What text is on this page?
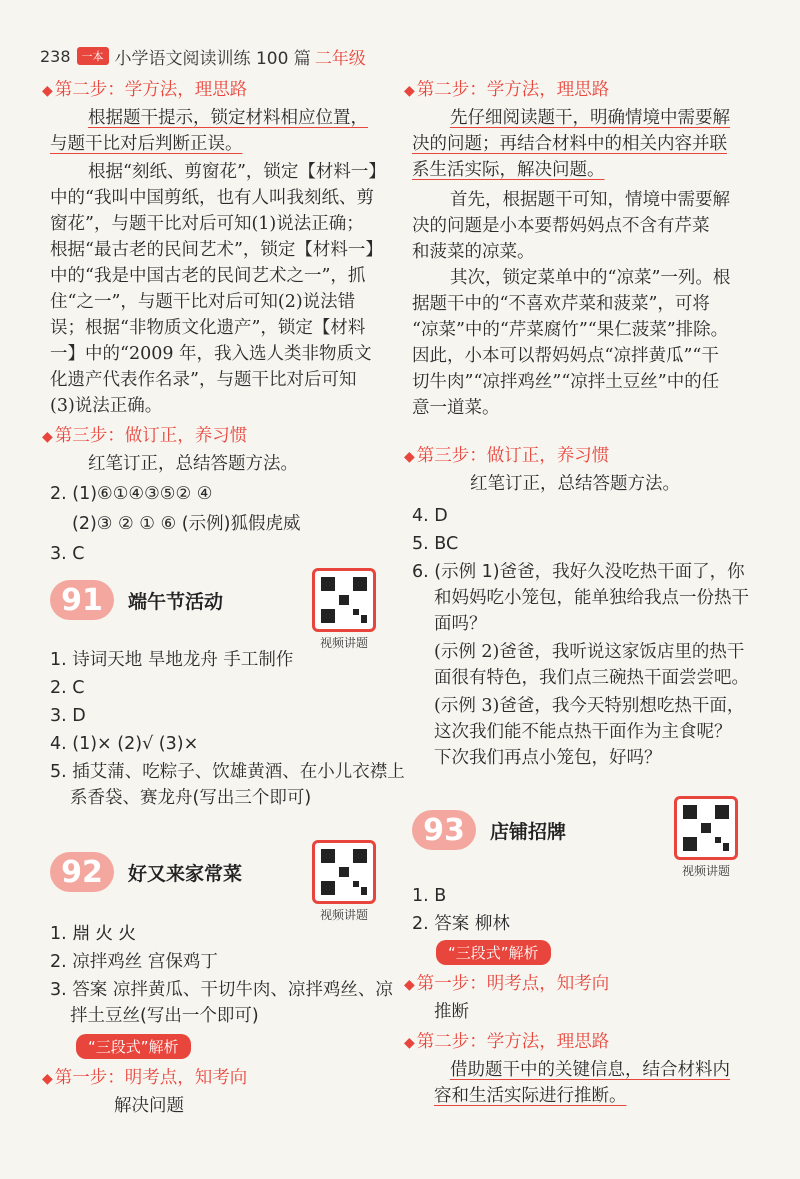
238	一本 小学语文阅读训练 100 篇 二年级
◆ 第二步：学方法，理思路
根据题干提示，锁定材料相应位置，
与题干比对后判断正误。
根据“刻纸、剪窗花”，锁定【材料一】
中的“我叫中国剪纸，也有人叫我刻纸、剪
窗花”，与题干比对后可知(1)说法正确；
根据“最古老的民间艺术”，锁定【材料一】
中的“我是中国古老的民间艺术之一”，抓
住“之一”，与题干比对后可知(2)说法错
误；根据“非物质文化遗产”，锁定【材料
一】中的“2009 年，我入选人类非物质文
化遗产代表作名录”，与题干比对后可知
(3)说法正确。
◆ 第三步：做订正，养习惯
红笔订正，总结答题方法。
2. (1)⑥①④③⑤② ④
(2)③ ② ① ⑥ (示例)狐假虎威
3. C
91 端午节活动
视频讲题
1. 诗词天地 旱地龙舟 手工制作
2. C
3. D
4. (1)× (2)√ (3)×
5. 插艾蒲、吃粽子、饮雄黄酒、在小儿衣襟上
系香袋、赛龙舟(写出三个即可)
92 好又来家常菜
视频讲题
1. 𣶒 火 火
2. 凉拌鸡丝 宫保鸡丁
3. 答案 凉拌黄瓜、干切牛肉、凉拌鸡丝、凉
拌土豆丝(写出一个即可)
“三段式”解析
◆ 第一步：明考点，知考向
解决问题
◆ 第二步：学方法，理思路
先仔细阅读题干，明确情境中需要解
决的问题；再结合材料中的相关内容并联
系生活实际，解决问题。
首先，根据题干可知，情境中需要解
决的问题是小本要帮妈妈点不含有芹菜
和菠菜的凉菜。
其次，锁定菜单中的“凉菜”一列。根
据题干中的“不喜欢芹菜和菠菜”，可将
“凉菜”中的“芹菜腐竹”“果仁菠菜”排除。
因此，小本可以帮妈妈点“凉拌黄瓜”“干
切牛肉”“凉拌鸡丝”“凉拌土豆丝”中的任
意一道菜。
◆ 第三步：做订正，养习惯
红笔订正，总结答题方法。
4. D
5. BC
6. (示例 1)爸爸，我好久没吃热干面了，你
和妈妈吃小笼包，能单独给我点一份热干
面吗？
(示例 2)爸爸，我听说这家饭店里的热干
面很有特色，我们点三碗热干面尝尝吧。
(示例 3)爸爸，我今天特别想吃热干面，
这次我们能不能点热干面作为主食呢？
下次我们再点小笼包，好吗？
93 店铺招牌
视频讲题
1. B
2. 答案 柳林
“三段式”解析
◆ 第一步：明考点，知考向
推断
◆ 第二步：学方法，理思路
借助题干中的关键信息，结合材料内
容和生活实际进行推断。
